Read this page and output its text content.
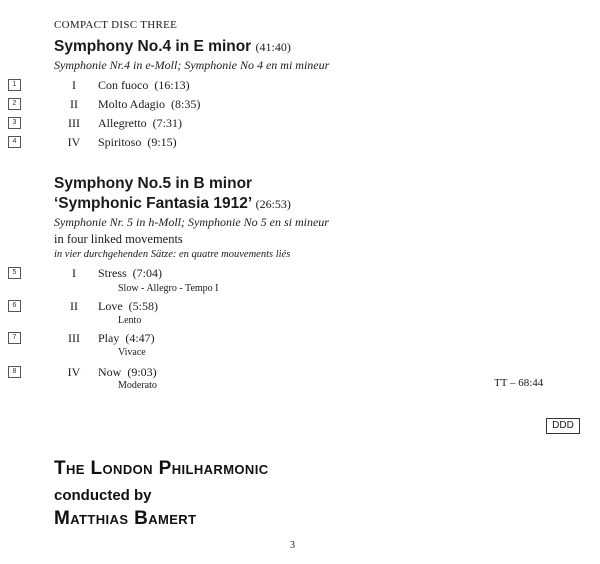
COMPACT DISC THREE
Symphony No.4 in E minor (41:40)
Symphonie Nr.4 in e-Moll; Symphonie No 4 en mi mineur
1	I	Con fuoco (16:13)
2	II	Molto Adagio (8:35)
3	III	Allegretto (7:31)
4	IV	Spiritoso (9:15)
Symphony No.5 in B minor
‘Symphonic Fantasia 1912’ (26:53)
Symphonie Nr. 5 in h-Moll; Symphonie No 5 en si mineur
in four linked movements
in vier durchgehenden Sätze: en quatre mouvements liés
5	I	Stress (7:04)
Slow - Allegro - Tempo I
6	II	Love (5:58)
Lento
7	III	Play (4:47)
Vivace
8	IV	Now (9:03)
Moderato	TT – 68:44
DDD
The London Philharmonic
conducted by
Matthias Bamert
3
